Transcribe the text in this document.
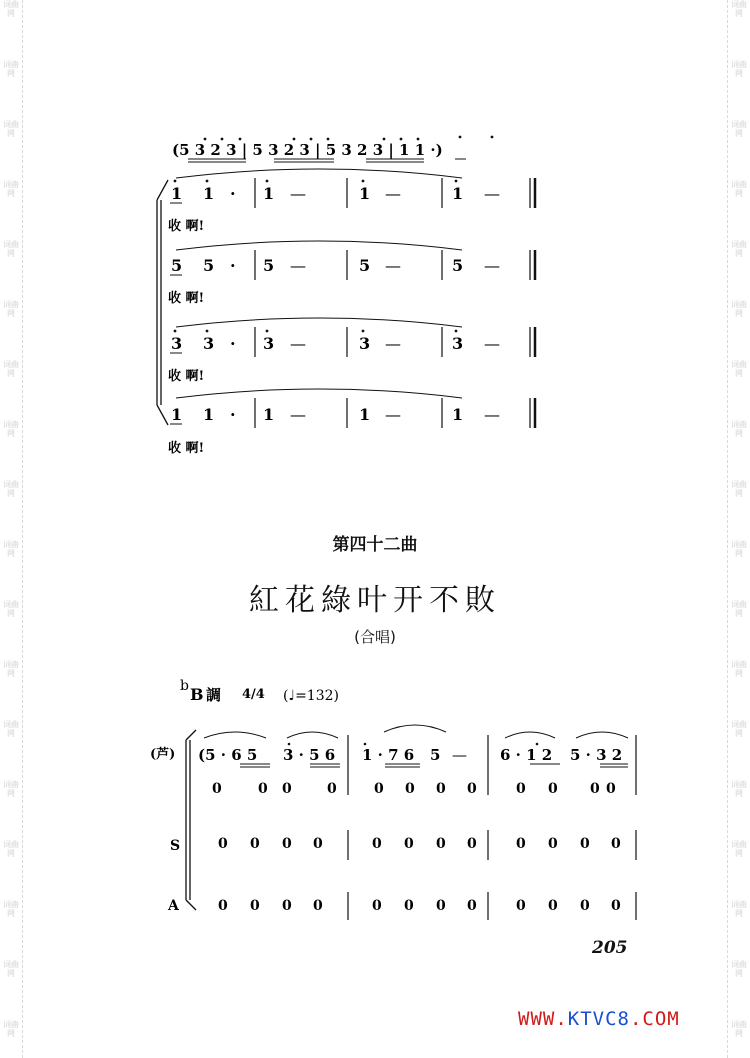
词曲网
词曲网
词曲网
词曲网
词曲网
词曲网
词曲网
词曲网
词曲网
词曲网
词曲网
词曲网
词曲网
词曲网
词曲网
词曲网
词曲网
词曲网
词曲网
词曲网
词曲网
词曲网
词曲网
词曲网
词曲网
词曲网
词曲网
词曲网
词曲网
词曲网
词曲网
词曲网
词曲网
词曲网
词曲网
词曲网
(5 3 2 3 | 5 3 2 3 | 5 3 2 3 | 1 1 ·)
1 1 · 1 —	1 —	1 —
收 啊!
5 5 · 5 —	5 —	5 —
收 啊!
3 3 · 3 —	3 —	3 —
收 啊!
1 1 · 1 —	1 —	1 —
收 啊!
第四十二曲
紅花綠叶开不敗
(合唱)
b B 調 4/4 (♩=132)
(芦)
S
A
(5 · 6 5 3 · 5 6 1 · 7 6 5 — 6 · 1 2 5 · 3 2
0	0 0	0	0 0 0 0	0 0 0 0
0 0 0 0	0 0 0 0	0 0 0 0
0 0 0 0	0 0 0 0	0 0 0 0
205
WWW.KTVC8.COM
